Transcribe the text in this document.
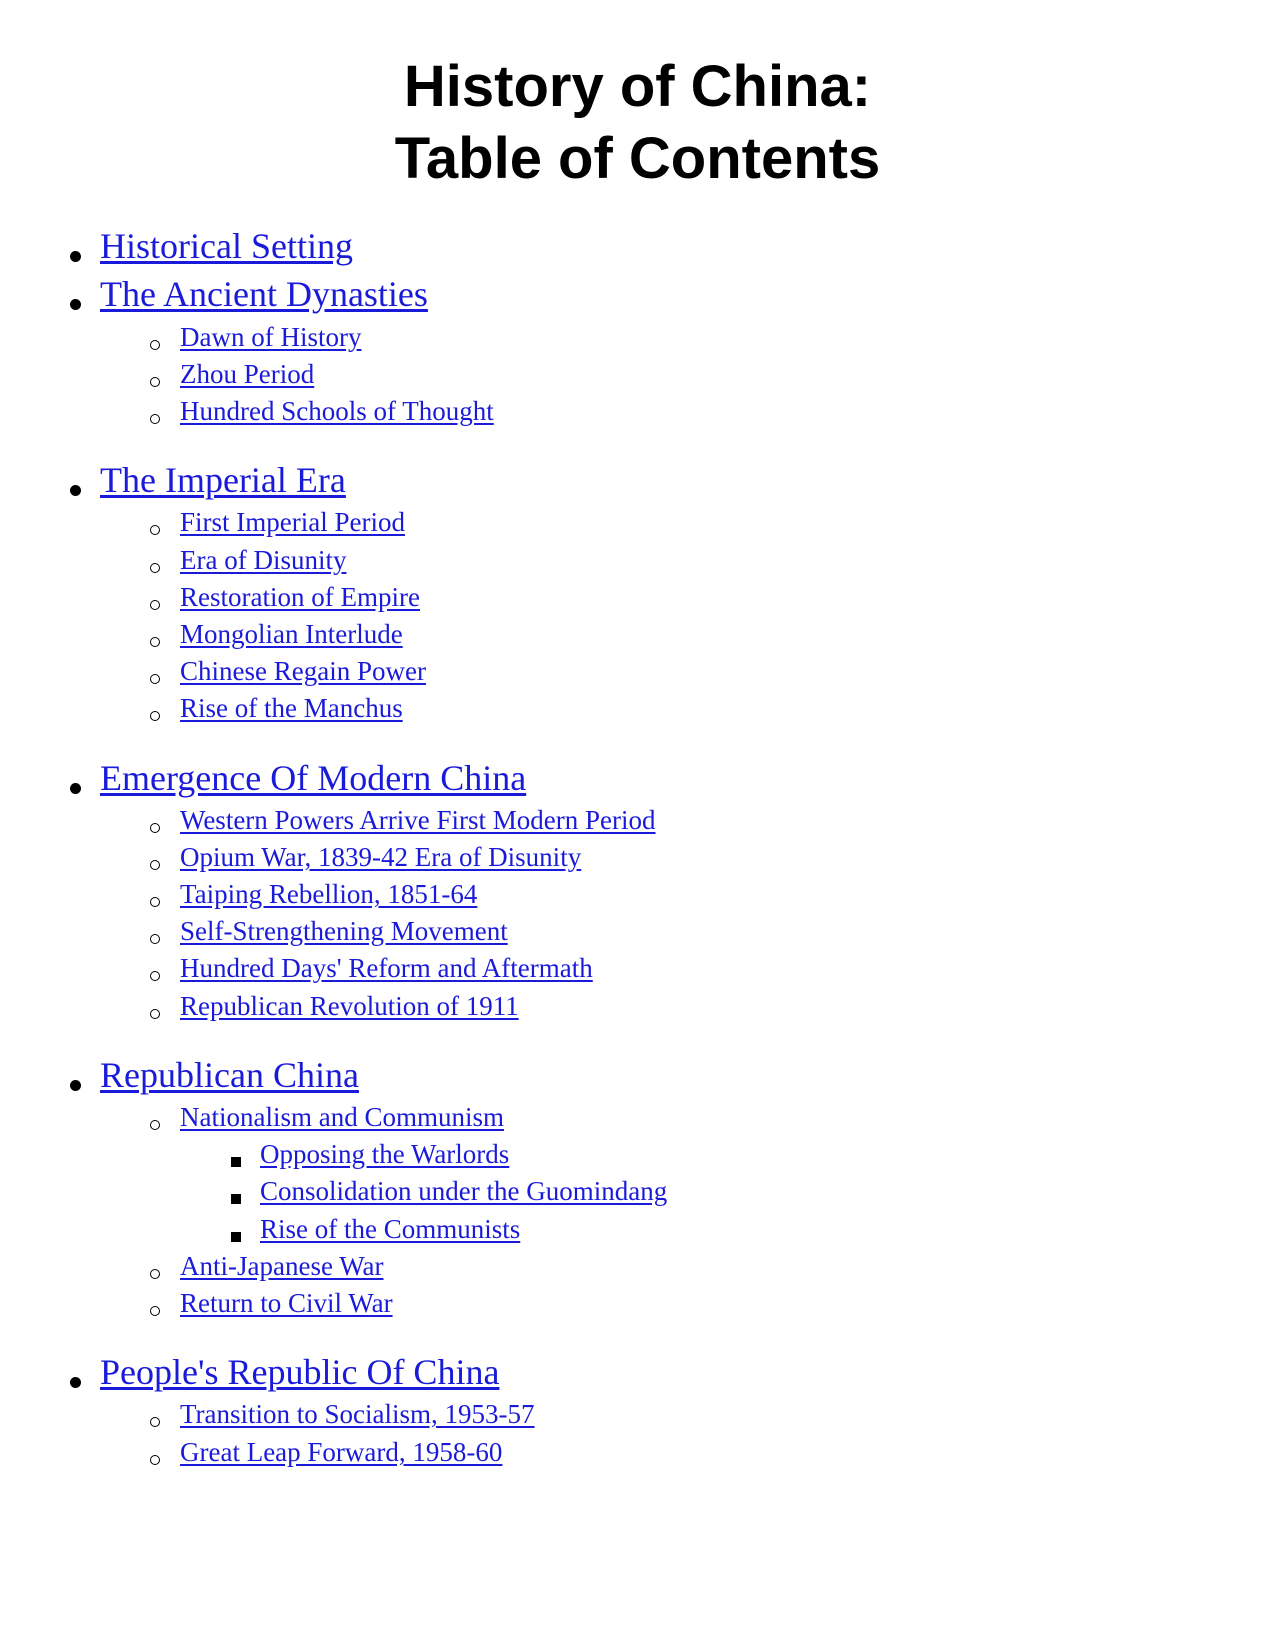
History of China:
Table of Contents
Historical Setting
The Ancient Dynasties
Dawn of History
Zhou Period
Hundred Schools of Thought
The Imperial Era
First Imperial Period
Era of Disunity
Restoration of Empire
Mongolian Interlude
Chinese Regain Power
Rise of the Manchus
Emergence Of Modern China
Western Powers Arrive First Modern Period
Opium War, 1839-42 Era of Disunity
Taiping Rebellion, 1851-64
Self-Strengthening Movement
Hundred Days' Reform and Aftermath
Republican Revolution of 1911
Republican China
Nationalism and Communism
Opposing the Warlords
Consolidation under the Guomindang
Rise of the Communists
Anti-Japanese War
Return to Civil War
People's Republic Of China
Transition to Socialism, 1953-57
Great Leap Forward, 1958-60
